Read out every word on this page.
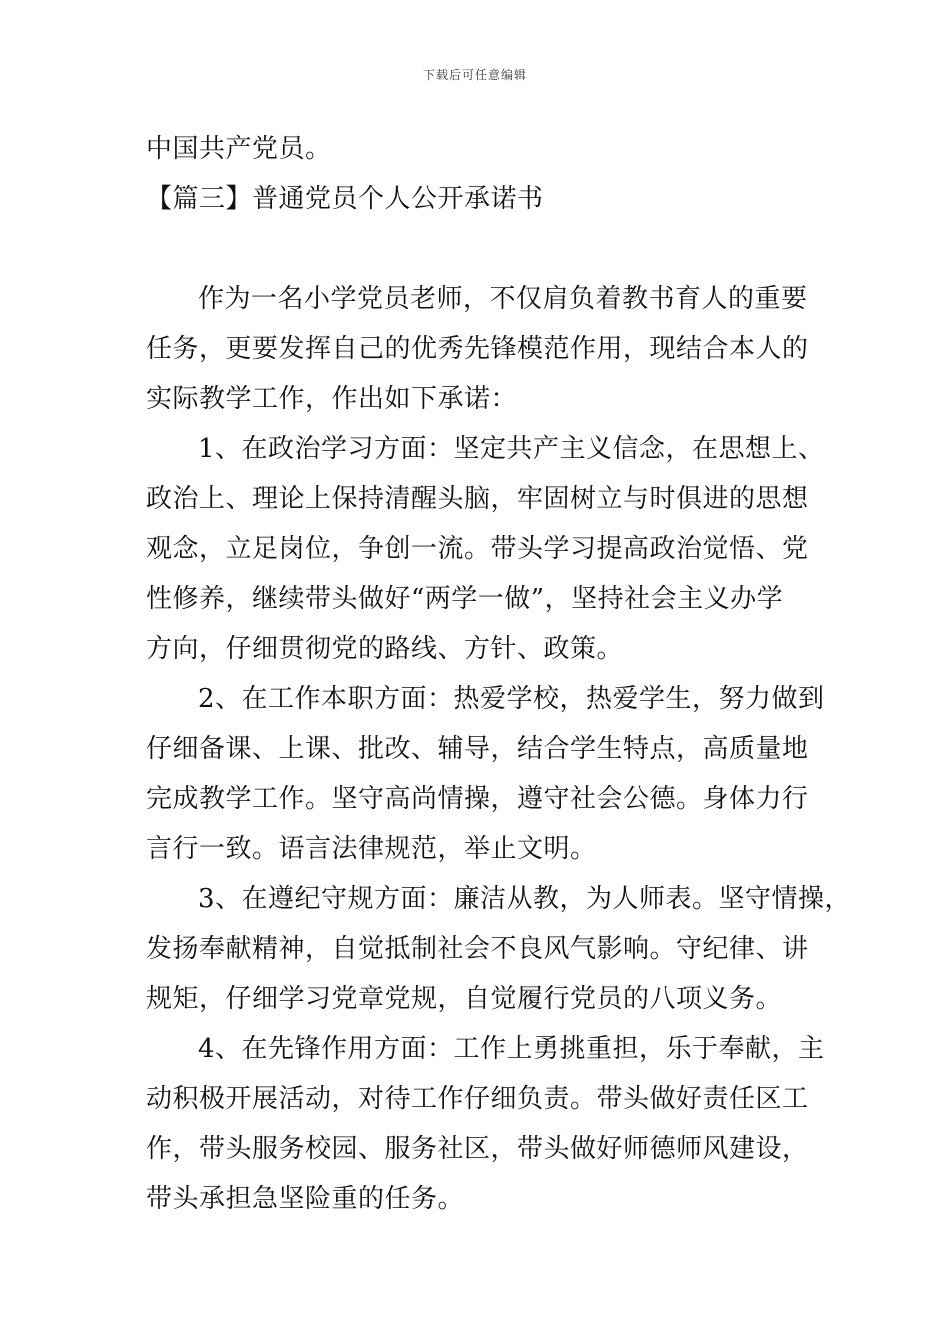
下载后可任意编辑
中国共产党员。
【篇三】普通党员个人公开承诺书
作为一名小学党员老师，不仅肩负着教书育人的重要
任务，更要发挥自己的优秀先锋模范作用，现结合本人的
实际教学工作，作出如下承诺：
1、在政治学习方面：坚定共产主义信念，在思想上、
政治上、理论上保持清醒头脑，牢固树立与时俱进的思想
观念，立足岗位，争创一流。带头学习提高政治觉悟、党
性修养，继续带头做好“两学一做”，坚持社会主义办学
方向，仔细贯彻党的路线、方针、政策。
2、在工作本职方面：热爱学校，热爱学生，努力做到
仔细备课、上课、批改、辅导，结合学生特点，高质量地
完成教学工作。坚守高尚情操，遵守社会公德。身体力行
言行一致。语言法律规范，举止文明。
3、在遵纪守规方面：廉洁从教，为人师表。坚守情操，
发扬奉献精神，自觉抵制社会不良风气影响。守纪律、讲
规矩，仔细学习党章党规，自觉履行党员的八项义务。
4、在先锋作用方面：工作上勇挑重担，乐于奉献，主
动积极开展活动，对待工作仔细负责。带头做好责任区工
作，带头服务校园、服务社区，带头做好师德师风建设，
带头承担急坚险重的任务。
